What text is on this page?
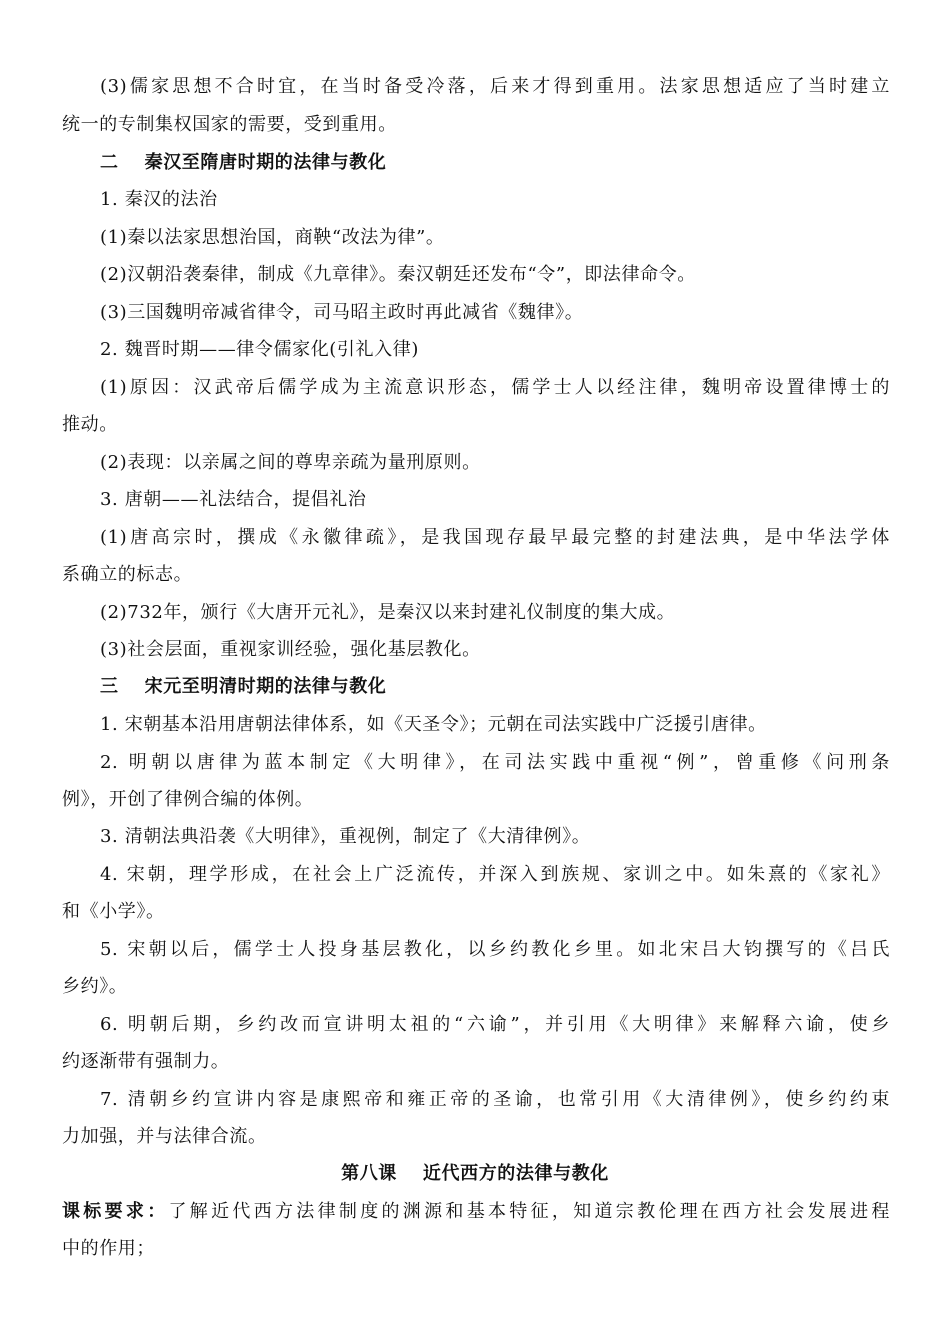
(3)儒家思想不合时宜，在当时备受冷落，后来才得到重用。法家思想适应了当时建立
统一的专制集权国家的需要，受到重用。
二 秦汉至隋唐时期的法律与教化
1. 秦汉的法治
(1)秦以法家思想治国，商鞅“改法为律”。
(2)汉朝沿袭秦律，制成《九章律》。秦汉朝廷还发布“令”，即法律命令。
(3)三国魏明帝减省律令，司马昭主政时再此减省《魏律》。
2. 魏晋时期——律令儒家化(引礼入律)
(1)原因：汉武帝后儒学成为主流意识形态，儒学士人以经注律，魏明帝设置律博士的
推动。
(2)表现：以亲属之间的尊卑亲疏为量刑原则。
3. 唐朝——礼法结合，提倡礼治
(1)唐高宗时，撰成《永徽律疏》，是我国现存最早最完整的封建法典，是中华法学体
系确立的标志。
(2)732年，颁行《大唐开元礼》，是秦汉以来封建礼仪制度的集大成。
(3)社会层面，重视家训经验，强化基层教化。
三 宋元至明清时期的法律与教化
1. 宋朝基本沿用唐朝法律体系，如《天圣令》；元朝在司法实践中广泛援引唐律。
2. 明朝以唐律为蓝本制定《大明律》，在司法实践中重视“例”，曾重修《问刑条
例》，开创了律例合编的体例。
3. 清朝法典沿袭《大明律》，重视例，制定了《大清律例》。
4. 宋朝，理学形成，在社会上广泛流传，并深入到族规、家训之中。如朱熹的《家礼》
和《小学》。
5. 宋朝以后，儒学士人投身基层教化，以乡约教化乡里。如北宋吕大钧撰写的《吕氏
乡约》。
6. 明朝后期，乡约改而宣讲明太祖的“六谕”，并引用《大明律》来解释六谕，使乡
约逐渐带有强制力。
7. 清朝乡约宣讲内容是康熙帝和雍正帝的圣谕，也常引用《大清律例》，使乡约约束
力加强，并与法律合流。
第八课 近代西方的法律与教化
课标要求：了解近代西方法律制度的渊源和基本特征，知道宗教伦理在西方社会发展进程
中的作用；
